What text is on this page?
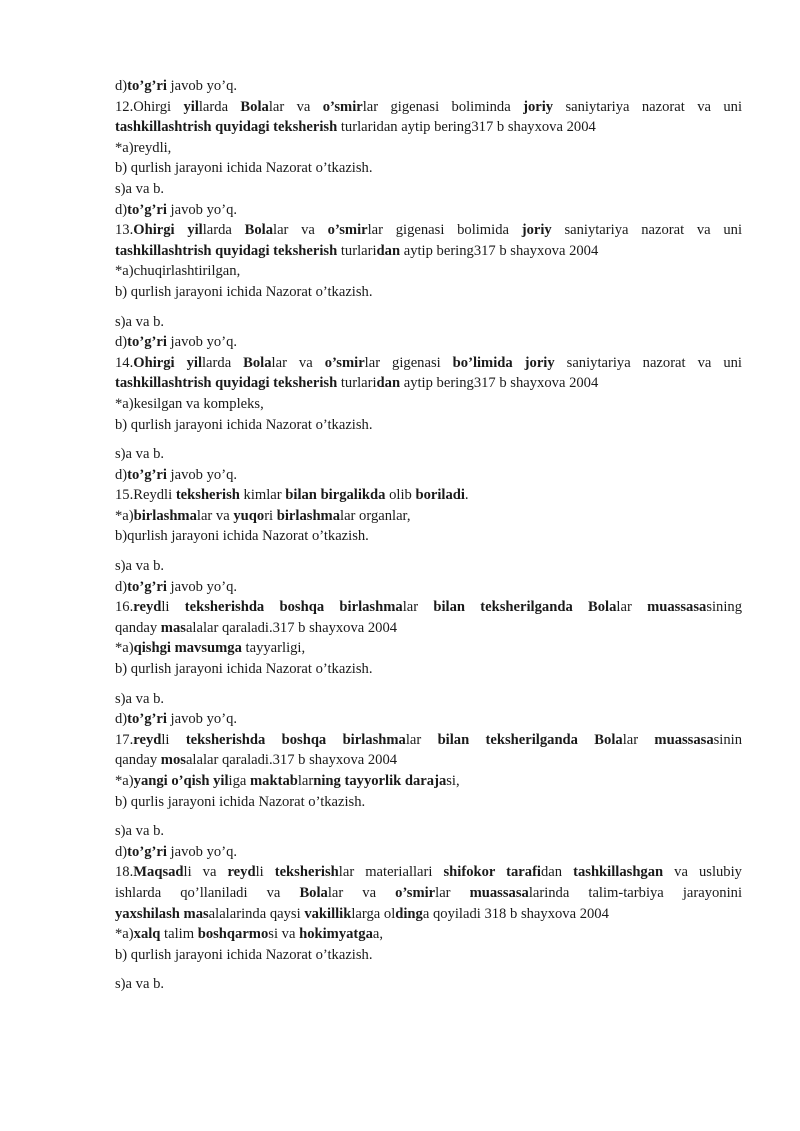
d)to’g’ri javob yo’q.
12.Ohirgi yillarda Bolalar va o’smirlar gigenasi boliminda joriy saniytariya nazorat va uni
tashkillashtrish quyidagi teksherish turlaridan aytip bering317 b shayxova 2004
*a)reydli,
b) qurlish jarayoni ichida Nazorat o’tkazish.
s)a va b.
d)to’g’ri javob yo’q.
13.Ohirgi yillarda Bolalar va o’smirlar gigenasi bolimida joriy saniytariya nazorat va uni
tashkillashtrish quyidagi teksherish turlaridan aytip bering317 b shayxova 2004
*a)chuqirlashtirilgan,
b) qurlish jarayoni ichida Nazorat o’tkazish.
s)a va b.
d)to’g’ri javob yo’q.
14.Ohirgi yillarda Bolalar va o’smirlar gigenasi bo’limida joriy saniytariya nazorat va uni
tashkillashtrish quyidagi teksherish turlaridan aytip bering317 b shayxova 2004
*a)kesilgan va kompleks,
b) qurlish jarayoni ichida Nazorat o’tkazish.
s)a va b.
d)to’g’ri javob yo’q.
15.Reydli teksherish kimlar bilan birgalikda olib boriladi.
*a)birlashmalar va yuqori birlashmalar organlar,
b)qurlish jarayoni ichida Nazorat o’tkazish.
s)a va b.
d)to’g’ri javob yo’q.
16.reydli teksherishda boshqa birlashmalar bilan teksherilganda Bolalar muassasasining
qanday masalalar qaraladi.317 b shayxova 2004
*a)qishgi mavsumga tayyarligi,
b) qurlish jarayoni ichida Nazorat o’tkazish.
s)a va b.
d)to’g’ri javob yo’q.
17.reydli teksherishda boshqa birlashmalar bilan teksherilganda Bolalar muassasasinin
qanday mosalalar qaraladi.317 b shayxova 2004
*a)yangi o’qish yiliga maktablarning tayyorlik darajasi,
b) qurlis jarayoni ichida Nazorat o’tkazish.
s)a va b.
d)to’g’ri javob yo’q.
18.Maqsadli va reydli teksherishlar materiallari shifokor tarafidan tashkillashgan va uslubiy
ishlarda qo’llaniladi va Bolalar va o’smirlar muassasalarinda talim-tarbiya jarayonini
yaxshilash masalalarinda qaysi vakilliklarga oldinga qoyiladi 318 b shayxova 2004
*a)xalq talim boshqarmosi va hokimyatgaa,
b) qurlish jarayoni ichida Nazorat o’tkazish.
s)a va b.
